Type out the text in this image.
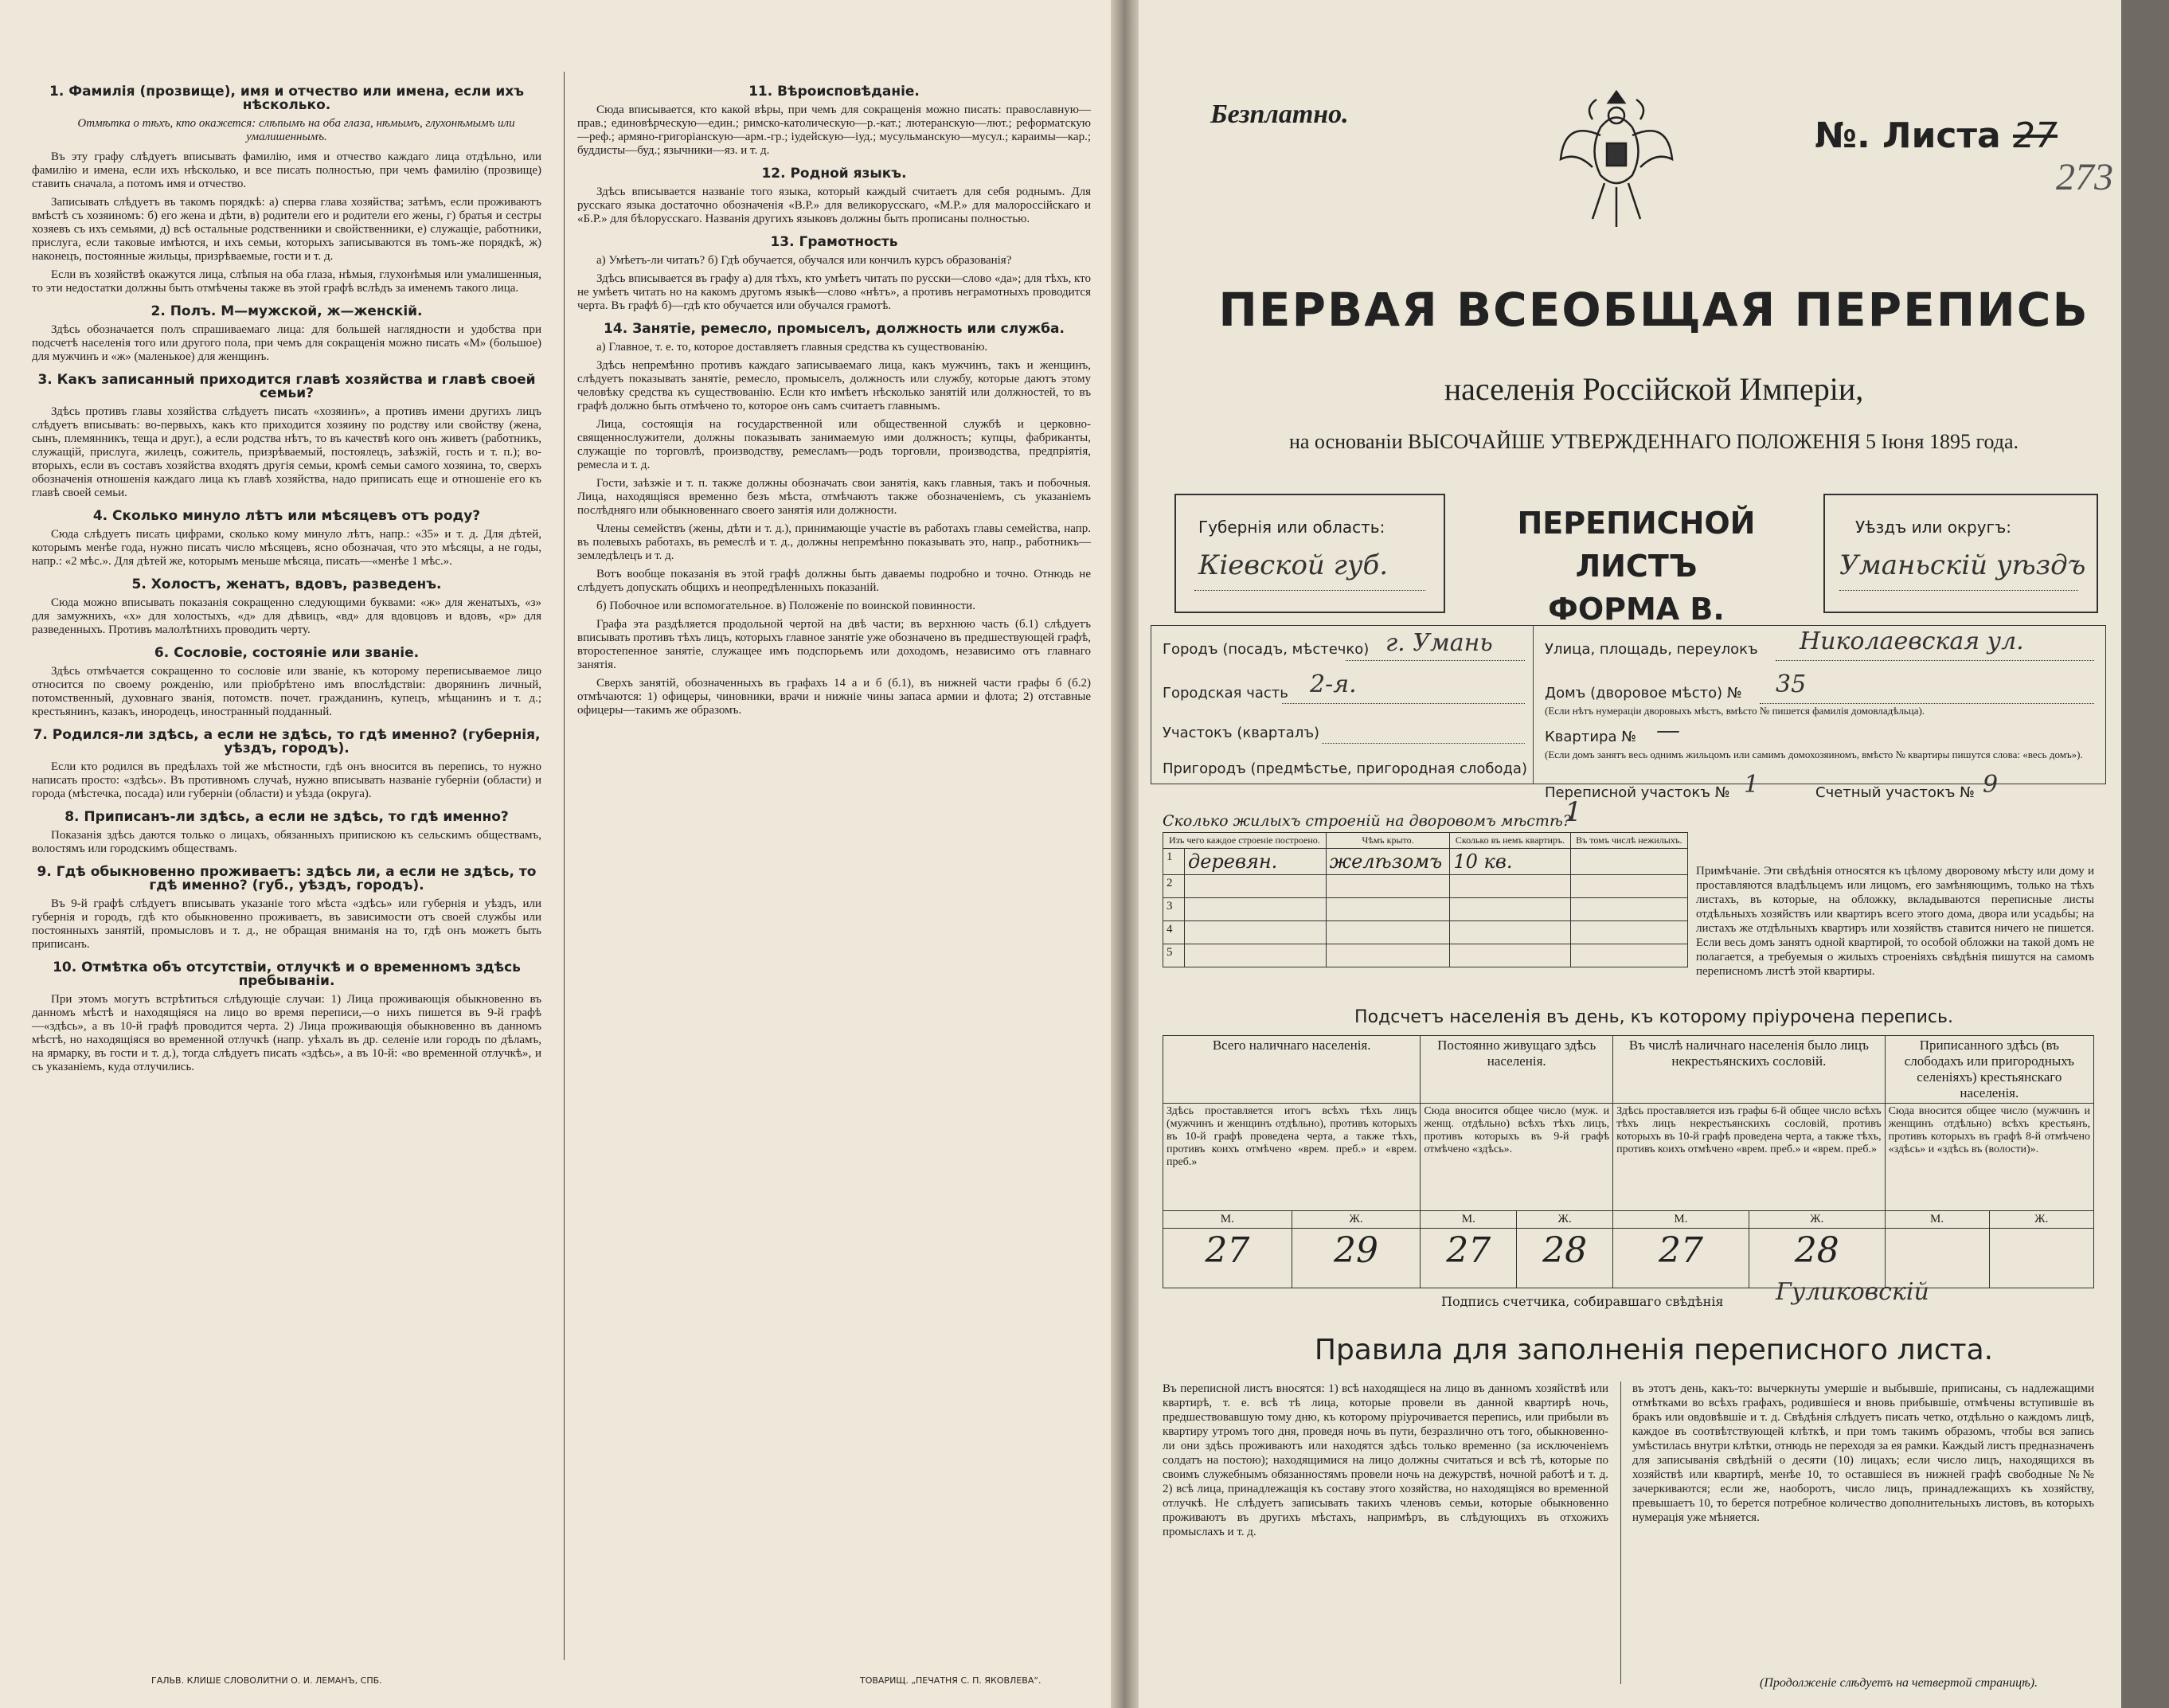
1. Фамилія (прозвище), имя и отчество или имена, если ихъ нѣсколько.

Отмѣтка о тѣхъ, кто окажется: слѣпымъ на оба глаза, нѣмымъ, глухонѣмымъ или умалишеннымъ.

Въ эту графу слѣдуетъ вписывать фамилію, имя и отчество каждаго лица отдѣльно, или фамилію и имена, если ихъ нѣсколько, и все писать полностью, при чемъ фамилію (прозвище) ставить сначала, а потомъ имя и отчество.

Записывать слѣдуетъ въ такомъ порядкѣ: а) сперва глава хозяйства; затѣмъ, если проживаютъ вмѣстѣ съ хозяиномъ: б) его жена и дѣти, в) родители его и родители его жены, г) братья и сестры хозяевъ съ ихъ семьями, д) всѣ остальные родственники и свойственники, е) служащіе, работники, прислуга, если таковые имѣются, и ихъ семьи, которыхъ записываются въ томъ-же порядкѣ, ж) наконецъ, постоянные жильцы, призрѣваемые, гости и т. д.

Если въ хозяйствѣ окажутся лица, слѣпыя на оба глаза, нѣмыя, глухонѣмыя или умалишенныя, то эти недостатки должны быть отмѣчены также въ этой графѣ вслѣдъ за именемъ такого лица.

2. Полъ. М—мужской, ж—женскій.

Здѣсь обозначается полъ спрашиваемаго лица: для большей наглядности и удобства при подсчетѣ населенія того или другого пола, при чемъ для сокращенія можно писать «М» (большое) для мужчинъ и «ж» (маленькое) для женщинъ.

3. Какъ записанный приходится главѣ хозяйства и главѣ своей семьи?

Здѣсь противъ главы хозяйства слѣдуетъ писать «хозяинъ», а противъ имени другихъ лицъ слѣдуетъ вписывать: во-первыхъ, какъ кто приходится хозяину по родству или свойству (жена, сынъ, племянникъ, теща и друг.), а если родства нѣтъ, то въ качествѣ кого онъ живетъ (работникъ, служащій, прислуга, жилецъ, сожитель, призрѣваемый, постоялецъ, заѣзжій, гость и т. п.); во-вторыхъ, если въ составъ хозяйства входятъ другія семьи, кромѣ семьи самого хозяина, то, сверхъ обозначенія отношенія каждаго лица къ главѣ хозяйства, надо приписать еще и отношеніе его къ главѣ своей семьи.

4. Сколько минуло лѣтъ или мѣсяцевъ отъ роду?

Сюда слѣдуетъ писать цифрами, сколько кому минуло лѣтъ, напр.: «35» и т. д. Для дѣтей, которымъ менѣе года, нужно писать число мѣсяцевъ, ясно обозначая, что это мѣсяцы, а не годы, напр.: «2 мѣс.». Для дѣтей же, которымъ меньше мѣсяца, писать—«менѣе 1 мѣс.».

5. Холостъ, женатъ, вдовъ, разведенъ.

Сюда можно вписывать показанія сокращенно следующими буквами: «ж» для женатыхъ, «з» для замужнихъ, «х» для холостыхъ, «д» для дѣвицъ, «вд» для вдовцовъ и вдовъ, «р» для разведенныхъ. Противъ малолѣтнихъ проводить черту.

6. Сословіе, состояніе или званіе.

Здѣсь отмѣчается сокращенно то сословіе или званіе, къ которому переписываемое лицо относится по своему рожденію, или пріобрѣтено имъ впослѣдствіи: дворянинъ личный, потомственный, духовнаго званія, потомств. почет. гражданинъ, купецъ, мѣщанинъ и т. д.; крестьянинъ, казакъ, инородецъ, иностранный подданный.

7. Родился-ли здѣсь, а если не здѣсь, то гдѣ именно? (губернія, уѣздъ, городъ).

Если кто родился въ предѣлахъ той же мѣстности, гдѣ онъ вносится въ перепись, то нужно написать просто: «здѣсь». Въ противномъ случаѣ, нужно вписывать названіе губерніи (области) и города (мѣстечка, посада) или губерніи (области) и уѣзда (округа).

8. Приписанъ-ли здѣсь, а если не здѣсь, то гдѣ именно?

Показанія здѣсь даются только о лицахъ, обязанныхъ припискою къ сельскимъ обществамъ, волостямъ или городскимъ обществамъ.

9. Гдѣ обыкновенно проживаетъ: здѣсь ли, а если не здѣсь, то гдѣ именно? (губ., уѣздъ, городъ).

Въ 9-й графѣ слѣдуетъ вписывать указаніе того мѣста «здѣсь» или губернія и уѣздъ, или губернія и городъ, гдѣ кто обыкновенно проживаетъ, въ зависимости отъ своей службы или постоянныхъ занятій, промысловъ и т. д., не обращая вниманія на то, гдѣ онъ можетъ быть приписанъ.

10. Отмѣтка объ отсутствіи, отлучкѣ и о временномъ здѣсь пребываніи.

При этомъ могутъ встрѣтиться слѣдующіе случаи: 1) Лица проживающія обыкновенно въ данномъ мѣстѣ и находящіяся на лицо во время переписи,—о нихъ пишется въ 9-й графѣ—«здѣсь», а въ 10-й графѣ проводится черта. 2) Лица проживающія обыкновенно въ данномъ мѣстѣ, но находящіяся во временной отлучкѣ (напр. уѣхалъ въ др. селеніе или городъ по дѣламъ, на ярмарку, въ гости и т. д.), тогда слѣдуетъ писать «здѣсь», а въ 10-й: «во временной отлучкѣ», и съ указаніемъ, куда отлучились.

11. Вѣроисповѣданіе.

Сюда вписывается, кто какой вѣры, при чемъ для сокращенія можно писать: православную—прав.; единовѣрческую—един.; римско-католическую—р.-кат.; лютеранскую—лют.; реформатскую—реф.; армяно-григоріанскую—арм.-гр.; іудейскую—іуд.; мусульманскую—мусул.; караимы—кар.; буддисты—буд.; язычники—яз. и т. д.

12. Родной языкъ.

Здѣсь вписывается названіе того языка, который каждый считаетъ для себя роднымъ. Для русскаго языка достаточно обозначенія «В.Р.» для великорусскаго, «М.Р.» для малороссійскаго и «Б.Р.» для бѣлорусскаго. Названія другихъ языковъ должны быть прописаны полностью.

13. Грамотность

а) Умѣетъ-ли читать? б) Гдѣ обучается, обучался или кончилъ курсъ образованія?

Здѣсь вписывается въ графу а) для тѣхъ, кто умѣетъ читать по русски—слово «да»; для тѣхъ, кто не умѣетъ читать но на какомъ другомъ языкѣ—слово «нѣтъ», а противъ неграмотныхъ проводится черта. Въ графѣ б)—гдѣ кто обучается или обучался грамотѣ.

14. Занятіе, ремесло, промыселъ, должность или служба.

а) Главное, т. е. то, которое доставляетъ главныя средства къ существованію.

Здѣсь непремѣнно противъ каждаго записываемаго лица, какъ мужчинъ, такъ и женщинъ, слѣдуетъ показывать занятіе, ремесло, промыселъ, должность или службу, которые даютъ этому человѣку средства къ существованію. Если кто имѣетъ нѣсколько занятій или должностей, то въ графѣ должно быть отмѣчено то, которое онъ самъ считаетъ главнымъ.

Лица, состоящія на государственной или общественной службѣ и церковно-священнослужители, должны показывать занимаемую ими должность; купцы, фабриканты, служащіе по торговлѣ, производству, ремесламъ—родъ торговли, производства, предпріятія, ремесла и т. д.

Гости, заѣзжіе и т. п. также должны обозначать свои занятія, какъ главныя, такъ и побочныя. Лица, находящіяся временно безъ мѣста, отмѣчаютъ также обозначеніемъ, съ указаніемъ послѣдняго или обыкновеннаго своего занятія или должности.

Члены семействъ (жены, дѣти и т. д.), принимающіе участіе въ работахъ главы семейства, напр. въ полевыхъ работахъ, въ ремеслѣ и т. д., должны непремѣнно показывать это, напр., работникъ—земледѣлецъ и т. д.

Вотъ вообще показанія въ этой графѣ должны быть даваемы подробно и точно. Отнюдь не слѣдуетъ допускать общихъ и неопредѣленныхъ показаній.

б) Побочное или вспомогательное. в) Положеніе по воинской повинности.

Графа эта раздѣляется продольной чертой на двѣ части; въ верхнюю часть (б.1) слѣдуетъ вписывать противъ тѣхъ лицъ, которыхъ главное занятіе уже обозначено въ предшествующей графѣ, второстепенное занятіе, служащее имъ подспорьемъ или доходомъ, независимо отъ главнаго занятія.

Сверхъ занятій, обозначенныхъ въ графахъ 14 а и б (б.1), въ нижней части графы б (б.2) отмѣчаются: 1) офицеры, чиновники, врачи и нижніе чины запаса армии и флота; 2) отставные офицеры—такимъ же образомъ.

ГАЛЬВ. КЛИШЕ СЛОВОЛИТНИ О. И. ЛЕМАНЪ, СПБ.	ТОВАРИЩ. „ПЕЧАТНЯ С. П. ЯКОВЛЕВА“.
Безплатно.
№. Листа 27
273
ПЕРВАЯ ВСЕОБЩАЯ ПЕРЕПИСЬ
населенія Россійской Имперіи,
на основаніи ВЫСОЧАЙШЕ УТВЕРЖДЕННАГО ПОЛОЖЕНІЯ 5 Іюня 1895 года.
Губернія или область:
Кіевской губ.
ПЕРЕПИСНОЙ ЛИСТЪ
ФОРМА В.
Уѣздъ или округъ:
Уманьскій уѣздъ
Городъ (посадъ, мѣстечко) г. Умань
Городская часть 2-я.
Участокъ (кварталъ)
Пригородъ (предмѣстье, пригородная слобода)
Улица, площадь, переулокъ Николаевская ул.
Домъ (дворовое мѣсто) № 35
(Если нѣтъ нумераціи дворовыхъ мѣстъ, вмѣсто № пишется фамилія домовладѣльца).
Квартира № —
(Если домъ занятъ весь однимъ жильцомъ или самимъ домохозяиномъ, вмѣсто № квартиры пишутся слова: «весь домъ»).
Переписной участокъ № 1	Счетный участокъ № 9
Сколько жилыхъ строеній на дворовомъ мѣстѣ?
1
Изъ чего каждое строеніе построено.		Чѣмъ крыто.	Сколько въ немъ квартиръ.	Въ томъ числѣ нежилыхъ.
1	деревян.	желѣзомъ	10 кв.	
2				
3				
4				
5				
Примѣчаніе. Эти свѣдѣнія относятся къ цѣлому дворовому мѣсту или дому и проставляются владѣльцемъ или лицомъ, его замѣняющимъ, только на тѣхъ листахъ, въ которые, на обложку, вкладываются переписные листы отдѣльныхъ хозяйствъ или квартиръ всего этого дома, двора или усадьбы; на листахъ же отдѣльныхъ квартиръ или хозяйствъ ставится ничего не пишется. Если весь домъ занятъ одной квартирой, то особой обложки на такой домъ не полагается, а требуемыя о жилыхъ строеніяхъ свѣдѣнія пишутся на самомъ переписномъ листѣ этой квартиры.
Подсчетъ населенія въ день, къ которому пріурочена перепись.
Всего наличнаго населенія.		Постоянно живущаго здѣсь населенія.		Въ числѣ наличнаго населенія было лицъ некрестьянскихъ сословій.		Приписанного здѣсь (въ слободахъ или пригородныхъ селеніяхъ) крестьянскаго населенія.	
Здѣсь проставляется итогъ всѣхъ тѣхъ лицъ (мужчинъ и женщинъ отдѣльно), противъ которыхъ въ 10-й графѣ проведена черта, а также тѣхъ, противъ коихъ отмѣчено «врем. преб.» и «врем. преб.»		Сюда вносится общее число (муж. и женщ. отдѣльно) всѣхъ тѣхъ лицъ, противъ которыхъ въ 9-й графѣ отмѣчено «здѣсь».		Здѣсь проставляется изъ графы 6-й общее число всѣхъ тѣхъ лицъ некрестьянскихъ сословій, противъ которыхъ въ 10-й графѣ проведена черта, а также тѣхъ, противъ коихъ отмѣчено «врем. преб.» и «врем. преб.»		Сюда вносится общее число (мужчинъ и женщинъ отдѣльно) всѣхъ крестьянъ, противъ которыхъ въ графѣ 8-й отмѣчено «здѣсь» и «здѣсь въ (волости)».	
М.	Ж.	М.	Ж.	М.	Ж.	М.	Ж.
27	29	27	28	27	28		
Подпись счетчика, собиравшаго свѣдѣнія Гуликовскій
Правила для заполненія переписного листа.
Въ переписной листъ вносятся: 1) всѣ находящіеся на лицо въ данномъ хозяйствѣ или квартирѣ, т. е. всѣ тѣ лица, которые провели въ данной квартирѣ ночь, предшествовавшую тому дню, къ которому пріурочивается перепись, или прибыли въ квартиру утромъ того дня, проведя ночь въ пути, безразлично отъ того, обыкновенно-ли они здѣсь проживаютъ или находятся здѣсь только временно (за исключеніемъ солдатъ на постою); находящимися на лицо должны считаться и всѣ тѣ, которые по своимъ служебнымъ обязанностямъ провели ночь на дежурствѣ, ночной работѣ и т. д. 2) всѣ лица, принадлежащія къ составу этого хозяйства, но находящіяся во временной отлучкѣ. Не слѣдуетъ записывать такихъ членовъ семьи, которые обыкновенно проживаютъ въ другихъ мѣстахъ, напримѣръ, въ слѣдующихъ въ отхожихъ промыслахъ и т. д.
въ этотъ день, какъ-то: вычеркнуты умершіе и выбывшіе, приписаны, съ надлежащими отмѣтками во всѣхъ графахъ, родившіеся и вновь прибывшіе, отмѣчены вступившіе въ бракъ или овдовѣвшіе и т. д. Свѣдѣнія слѣдуетъ писать четко, отдѣльно о каждомъ лицѣ, каждое въ соотвѣтствующей клѣткѣ, и при томъ такимъ образомъ, чтобы вся запись умѣстилась внутри клѣтки, отнюдь не переходя за ея рамки. Каждый листъ предназначенъ для записыванія свѣдѣній о десяти (10) лицахъ; если число лицъ, находящихся въ хозяйствѣ или квартирѣ, менѣе 10, то оставшіеся въ нижней графѣ свободные №№ зачеркиваются; если же, наоборотъ, число лицъ, принадлежащихъ къ хозяйству, превышаетъ 10, то берется потребное количество дополнительныхъ листовъ, въ которыхъ нумерація ужe мѣняется.
(Продолженіе слѣдуетъ на четвертой страницѣ).
